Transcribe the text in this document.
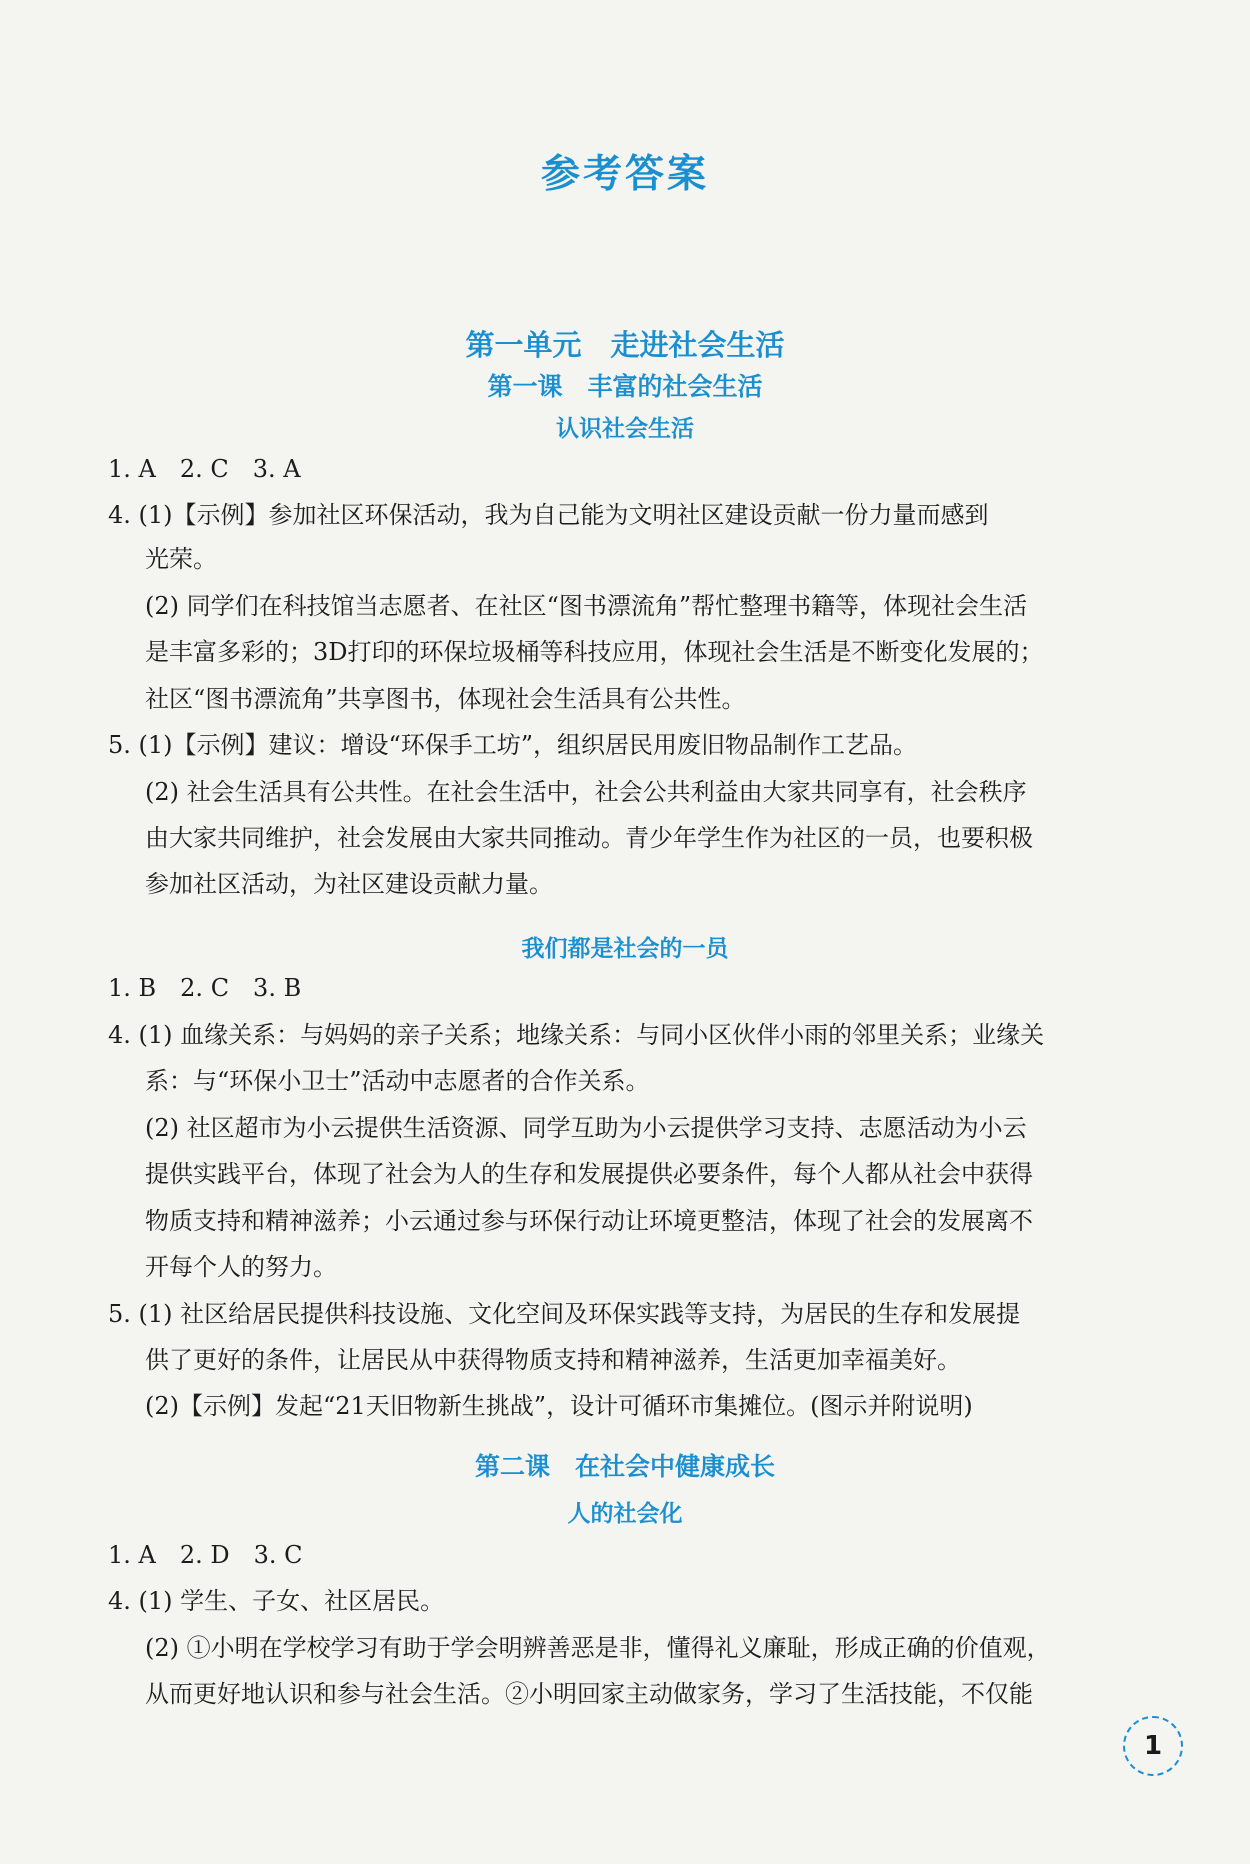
参考答案
第一单元　走进社会生活
第一课　丰富的社会生活
认识社会生活
1. A　2. C　3. A
4. (1)【示例】参加社区环保活动，我为自己能为文明社区建设贡献一份力量而感到
光荣。
(2) 同学们在科技馆当志愿者、在社区“图书漂流角”帮忙整理书籍等，体现社会生活
是丰富多彩的；3D打印的环保垃圾桶等科技应用，体现社会生活是不断变化发展的；
社区“图书漂流角”共享图书，体现社会生活具有公共性。
5. (1)【示例】建议：增设“环保手工坊”，组织居民用废旧物品制作工艺品。
(2) 社会生活具有公共性。在社会生活中，社会公共利益由大家共同享有，社会秩序
由大家共同维护，社会发展由大家共同推动。青少年学生作为社区的一员，也要积极
参加社区活动，为社区建设贡献力量。
我们都是社会的一员
1. B　2. C　3. B
4. (1) 血缘关系：与妈妈的亲子关系；地缘关系：与同小区伙伴小雨的邻里关系；业缘关
系：与“环保小卫士”活动中志愿者的合作关系。
(2) 社区超市为小云提供生活资源、同学互助为小云提供学习支持、志愿活动为小云
提供实践平台，体现了社会为人的生存和发展提供必要条件，每个人都从社会中获得
物质支持和精神滋养；小云通过参与环保行动让环境更整洁，体现了社会的发展离不
开每个人的努力。
5. (1) 社区给居民提供科技设施、文化空间及环保实践等支持，为居民的生存和发展提
供了更好的条件，让居民从中获得物质支持和精神滋养，生活更加幸福美好。
(2)【示例】发起“21天旧物新生挑战”，设计可循环市集摊位。(图示并附说明)
第二课　在社会中健康成长
人的社会化
1. A　2. D　3. C
4. (1) 学生、子女、社区居民。
(2) ①小明在学校学习有助于学会明辨善恶是非，懂得礼义廉耻，形成正确的价值观，
从而更好地认识和参与社会生活。②小明回家主动做家务，学习了生活技能，不仅能
1
